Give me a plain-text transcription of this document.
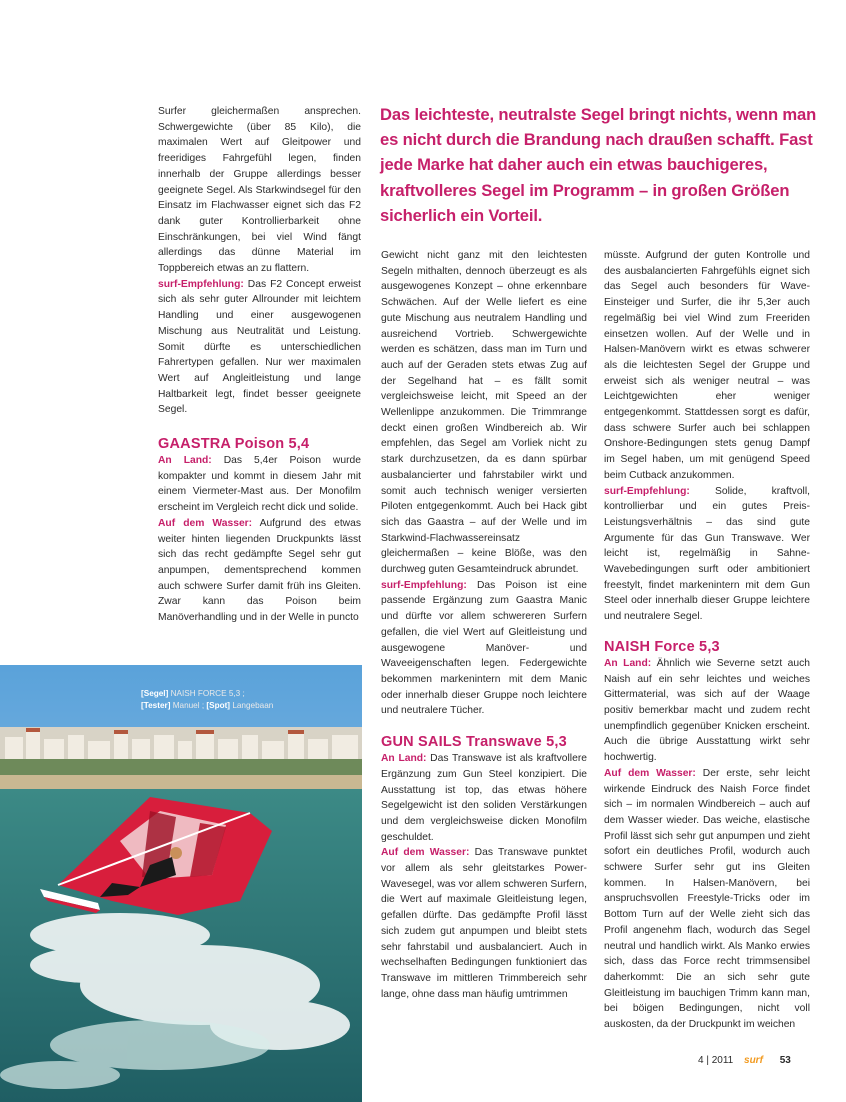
Surfer gleichermaßen ansprechen. Schwergewichte (über 85 Kilo), die maximalen Wert auf Gleitpower und freeridiges Fahrgefühl legen, finden innerhalb der Gruppe allerdings besser geeignete Segel. Als Starkwindsegel für den Einsatz im Flachwasser eignet sich das F2 dank guter Kontrollierbarkeit ohne Einschränkungen, bei viel Wind fängt allerdings das dünne Material im Toppbereich etwas an zu flattern.

surf-Empfehlung: Das F2 Concept erweist sich als sehr guter Allrounder mit leichtem Handling und einer ausgewogenen Mischung aus Neutralität und Leistung. Somit dürfte es unterschiedlichen Fahrertypen gefallen. Nur wer maximalen Wert auf Angleitleistung und lange Haltbarkeit legt, findet besser geeignete Segel.

GAASTRA Poison 5,4

An Land: Das 5,4er Poison wurde kompakter und kommt in diesem Jahr mit einem Viermeter-Mast aus. Der Monofilm erscheint im Vergleich recht dick und solide.

Auf dem Wasser: Aufgrund des etwas weiter hinten liegenden Druckpunkts lässt sich das recht gedämpfte Segel sehr gut anpumpen, dementsprechend kommen auch schwere Surfer damit früh ins Gleiten. Zwar kann das Poison beim Manöverhandling und in der Welle in puncto

Das leichteste, neutralste Segel bringt nichts, wenn man es nicht durch die Brandung nach draußen schafft. Fast jede Marke hat daher auch ein etwas bauchigeres, kraftvolleres Segel im Programm – in großen Größen sicherlich ein Vorteil.

Gewicht nicht ganz mit den leichtesten Segeln mithalten, dennoch überzeugt es als ausgewogenes Konzept – ohne erkennbare Schwächen. Auf der Welle liefert es eine gute Mischung aus neutralem Handling und ausreichend Vortrieb. Schwergewichte werden es schätzen, dass man im Turn und auch auf der Geraden stets etwas Zug auf der Segelhand hat – es fällt somit vergleichsweise leicht, mit Speed an der Wellenlippe anzukommen. Die Trimmrange deckt einen großen Windbereich ab. Wir empfehlen, das Segel am Vorliek nicht zu stark durchzusetzen, da es dann spürbar ausbalancierter und fahrstabiler wirkt und somit auch technisch weniger versierten Piloten entgegenkommt. Auch bei Hack gibt sich das Gaastra – auf der Welle und im Starkwind-Flachwassereinsatz gleichermaßen – keine Blöße, was den durchweg guten Gesamteindruck abrundet.

surf-Empfehlung: Das Poison ist eine passende Ergänzung zum Gaastra Manic und dürfte vor allem schwereren Surfern gefallen, die viel Wert auf Gleitleistung und ausgewogene Manöver- und Waveeigenschaften legen. Federgewichte bekommen markenintern mit dem Manic oder innerhalb dieser Gruppe noch leichtere und neutralere Tücher.

GUN SAILS Transwave 5,3

An Land: Das Transwave ist als kraftvollere Ergänzung zum Gun Steel konzipiert. Die Ausstattung ist top, das etwas höhere Segelgewicht ist den soliden Verstärkungen und dem vergleichsweise dicken Monofilm geschuldet.

Auf dem Wasser: Das Transwave punktet vor allem als sehr gleitstarkes Power-Wavesegel, was vor allem schweren Surfern, die Wert auf maximale Gleitleistung legen, gefallen dürfte. Das gedämpfte Profil lässt sich zudem gut anpumpen und bleibt stets sehr fahrstabil und ausbalanciert. Auch in wechselhaften Bedingungen funktioniert das Transwave im mittleren Trimmbereich sehr lange, ohne dass man häufig umtrimmen

müsste. Aufgrund der guten Kontrolle und des ausbalancierten Fahrgefühls eignet sich das Segel auch besonders für Wave-Einsteiger und Surfer, die ihr 5,3er auch regelmäßig bei viel Wind zum Freeriden einsetzen wollen. Auf der Welle und in Halsen-Manövern wirkt es etwas schwerer als die leichtesten Segel der Gruppe und erweist sich als weniger neutral – was Leichtgewichten eher weniger entgegenkommt. Stattdessen sorgt es dafür, dass schwere Surfer auch bei schlappen Onshore-Bedingungen stets genug Dampf im Segel haben, um mit genügend Speed beim Cutback anzukommen.

surf-Empfehlung: Solide, kraftvoll, kontrollierbar und ein gutes Preis-Leistungsverhältnis – das sind gute Argumente für das Gun Transwave. Wer leicht ist, regelmäßig in Sahne-Wavebedingungen surft oder ambitioniert freestylt, findet markenintern mit dem Gun Steel oder innerhalb dieser Gruppe leichtere und neutralere Segel.

NAISH Force 5,3

An Land: Ähnlich wie Severne setzt auch Naish auf ein sehr leichtes und weiches Gittermaterial, was sich auf der Waage positiv bemerkbar macht und zudem recht unempfindlich gegenüber Knicken erscheint. Auch die übrige Ausstattung wirkt sehr hochwertig.

Auf dem Wasser: Der erste, sehr leicht wirkende Eindruck des Naish Force findet sich – im normalen Windbereich – auch auf dem Wasser wieder. Das weiche, elastische Profil lässt sich sehr gut anpumpen und zieht sofort ein deutliches Profil, wodurch auch schwere Surfer sehr gut ins Gleiten kommen. In Halsen-Manövern, bei anspruchsvollen Freestyle-Tricks oder im Bottom Turn auf der Welle zieht sich das Profil angenehm flach, wodurch das Segel neutral und handlich wirkt. Als Manko erwies sich, dass das Force recht trimmsensibel daherkommt: Die an sich sehr gute Gleitleistung im bauchigen Trimm kann man, bei böigen Bedingungen, nicht voll auskosten, da der Druckpunkt im weichen

[Segel] NAISH FORCE 5,3 ;
[Tester] Manuel ; [Spot] Langebaan
4 | 2011 surf 53
